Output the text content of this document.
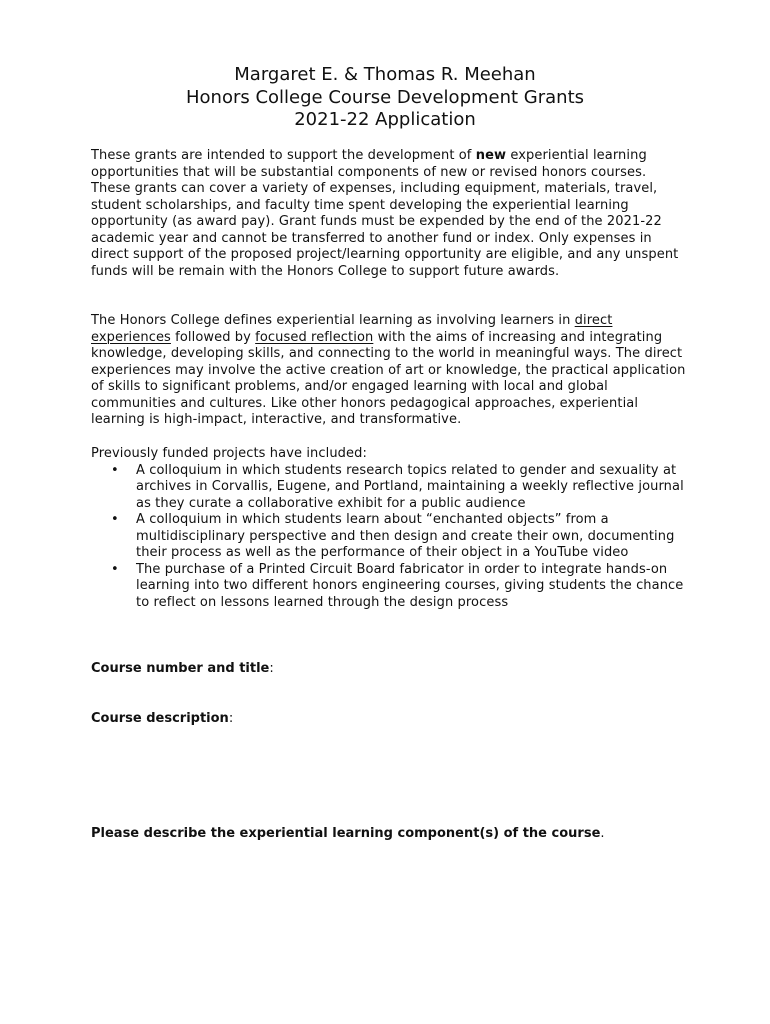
Margaret E. & Thomas R. Meehan
Honors College Course Development Grants
2021-22 Application
These grants are intended to support the development of new experiential learning opportunities that will be substantial components of new or revised honors courses. These grants can cover a variety of expenses, including equipment, materials, travel, student scholarships, and faculty time spent developing the experiential learning opportunity (as award pay). Grant funds must be expended by the end of the 2021-22 academic year and cannot be transferred to another fund or index. Only expenses in direct support of the proposed project/learning opportunity are eligible, and any unspent funds will be remain with the Honors College to support future awards.
The Honors College defines experiential learning as involving learners in direct experiences followed by focused reflection with the aims of increasing and integrating knowledge, developing skills, and connecting to the world in meaningful ways. The direct experiences may involve the active creation of art or knowledge, the practical application of skills to significant problems, and/or engaged learning with local and global communities and cultures. Like other honors pedagogical approaches, experiential learning is high-impact, interactive, and transformative.
Previously funded projects have included:
• A colloquium in which students research topics related to gender and sexuality at archives in Corvallis, Eugene, and Portland, maintaining a weekly reflective journal as they curate a collaborative exhibit for a public audience
• A colloquium in which students learn about “enchanted objects” from a multidisciplinary perspective and then design and create their own, documenting their process as well as the performance of their object in a YouTube video
• The purchase of a Printed Circuit Board fabricator in order to integrate hands-on learning into two different honors engineering courses, giving students the chance to reflect on lessons learned through the design process
Course number and title:
Course description:
Please describe the experiential learning component(s) of the course.
